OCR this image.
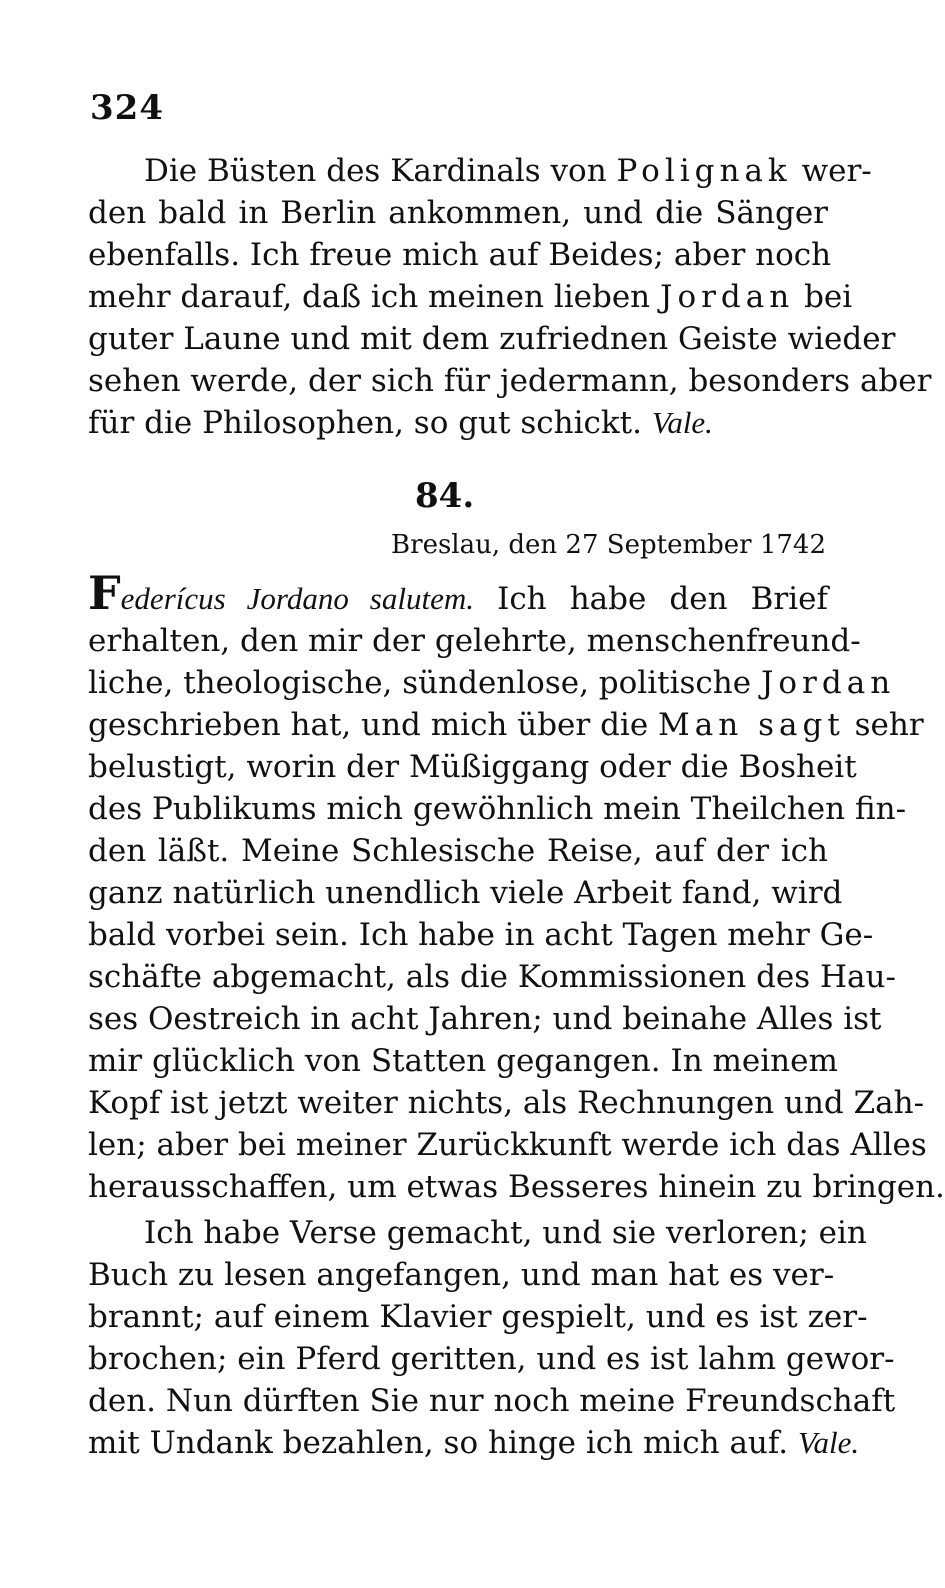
324
Die Büsten des Kardinals von Polignak wer-
den bald in Berlin ankommen, und die Sänger
ebenfalls. Ich freue mich auf Beides; aber noch
mehr darauf, daß ich meinen lieben Jordan bei
guter Laune und mit dem zufriednen Geiste wieder
sehen werde, der sich für jedermann, besonders aber
für die Philosophen, so gut schickt. Vale.
84.
Breslau, den 27 September 1742
Federícus Jordano salutem. Ich habe den Brief
erhalten, den mir der gelehrte, menschenfreund-
liche, theologische, sündenlose, politische Jordan
geschrieben hat, und mich über die Man sagt sehr
belustigt, worin der Müßiggang oder die Bosheit
des Publikums mich gewöhnlich mein Theilchen fin-
den läßt. Meine Schlesische Reise, auf der ich
ganz natürlich unendlich viele Arbeit fand, wird
bald vorbei sein. Ich habe in acht Tagen mehr Ge-
schäfte abgemacht, als die Kommissionen des Hau-
ses Oestreich in acht Jahren; und beinahe Alles ist
mir glücklich von Statten gegangen. In meinem
Kopf ist jetzt weiter nichts, als Rechnungen und Zah-
len; aber bei meiner Zurückkunft werde ich das Alles
herausschaffen, um etwas Besseres hinein zu bringen.
Ich habe Verse gemacht, und sie verloren; ein
Buch zu lesen angefangen, und man hat es ver-
brannt; auf einem Klavier gespielt, und es ist zer-
brochen; ein Pferd geritten, und es ist lahm gewor-
den. Nun dürften Sie nur noch meine Freundschaft
mit Undank bezahlen, so hinge ich mich auf. Vale.
